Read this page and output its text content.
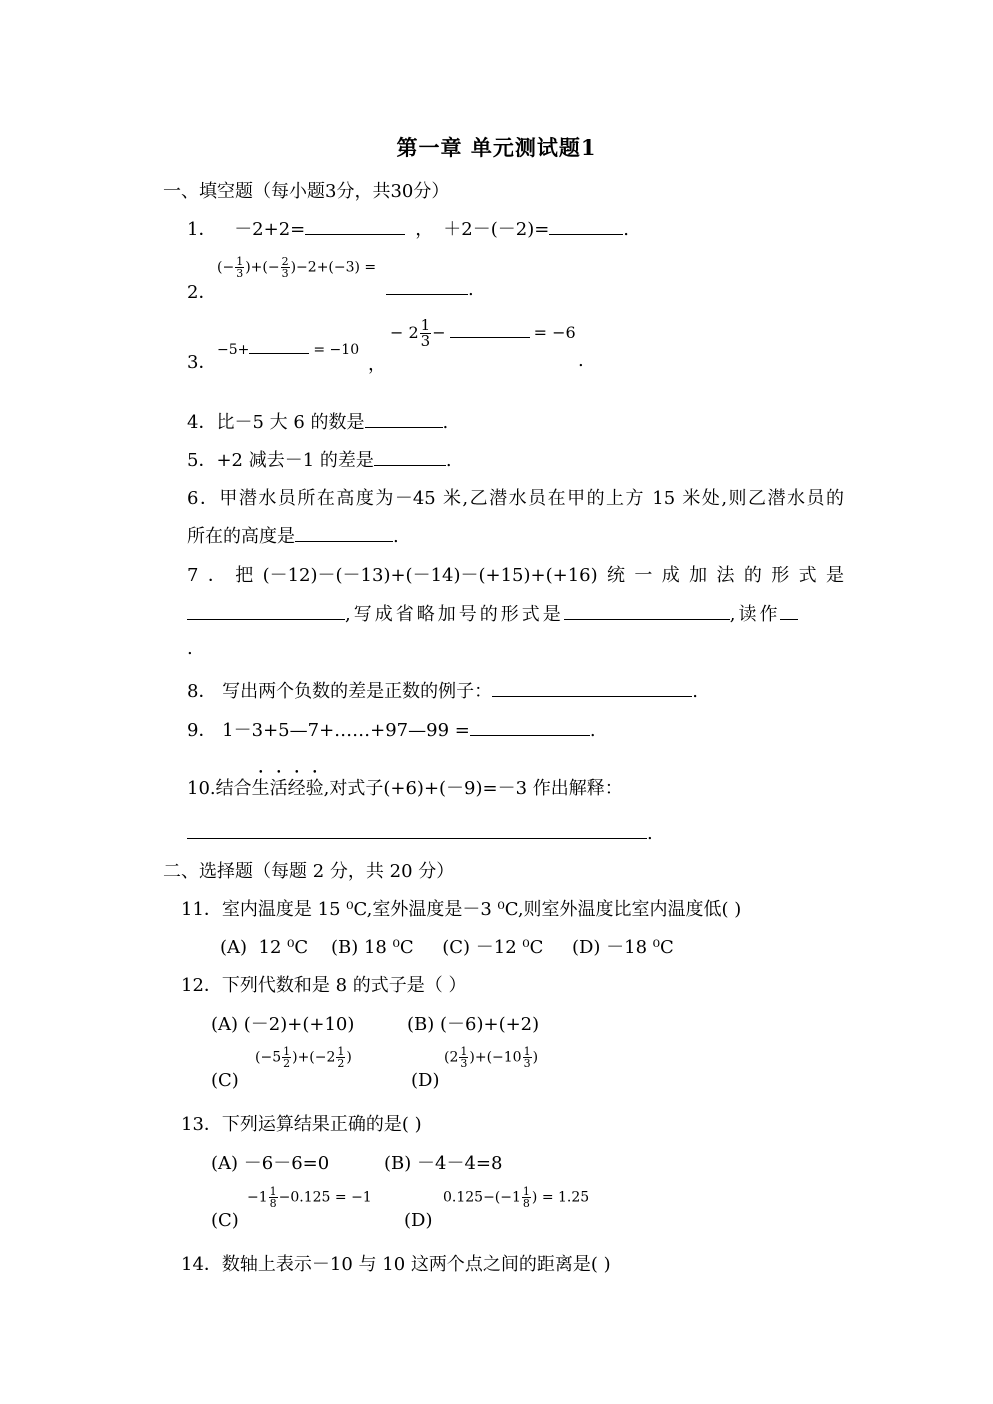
第一章 单元测试题1
一、填空题（每小题3分，共30分）
1． －2+2=	， ＋2－(－2)=	.
2．
(− $\frac{1}{3}$ )+(− $\frac{2}{3} )-2+(-3)$ =
.
3．
−5+	= −10
，
− $2 \frac{1}{3}$ −	= −6
.
4．比－5 大 6 的数是	.
5．+2 减去－1 的差是	.
6．甲潜水员所在高度为－45 米,乙潜水员在甲的上方 15 米处,则乙潜水员的
所在的高度是	.
7．把(－12)－(－13)+(－14)－(+15)+(+16)统一成加法的形式是
,写成省略加号的形式是	,读作
.
8． 写出两个负数的差是正数的例子：	.
9． 1－3+5—7+……+97—99 =	.
10.结合生活经验,对式子(+6)+(－9)=－3 作出解释：
.
二、选择题（每题 2 分，共 20 分）
11．室内温度是 15 ⁰C,室外温度是－3 ⁰C,则室外温度比室内温度低( )
(A)  12 ⁰C    (B) 18 ⁰C     (C) －12 ⁰C     (D) －18 ⁰C
12．下列代数和是 8 的式子是（ ）
(A) (－2)+(+10)	(B) (－6)+(+2)
(C)
$(-5 \frac{1}{2} )+(-2 \frac{1}{2}$ )
(D)
$(2 \frac{1}{3} )+(-10 \frac{1}{3}$ )
13．下列运算结果正确的是( )
(A) －6－6=0	(B) －4－4=8
(C)
$-1 \frac{1}{8} -0.125 = -1$
(D)
$0.125-(-1 \frac{1}{8}$ ) = 1.25
14．数轴上表示－10 与 10 这两个点之间的距离是( )
